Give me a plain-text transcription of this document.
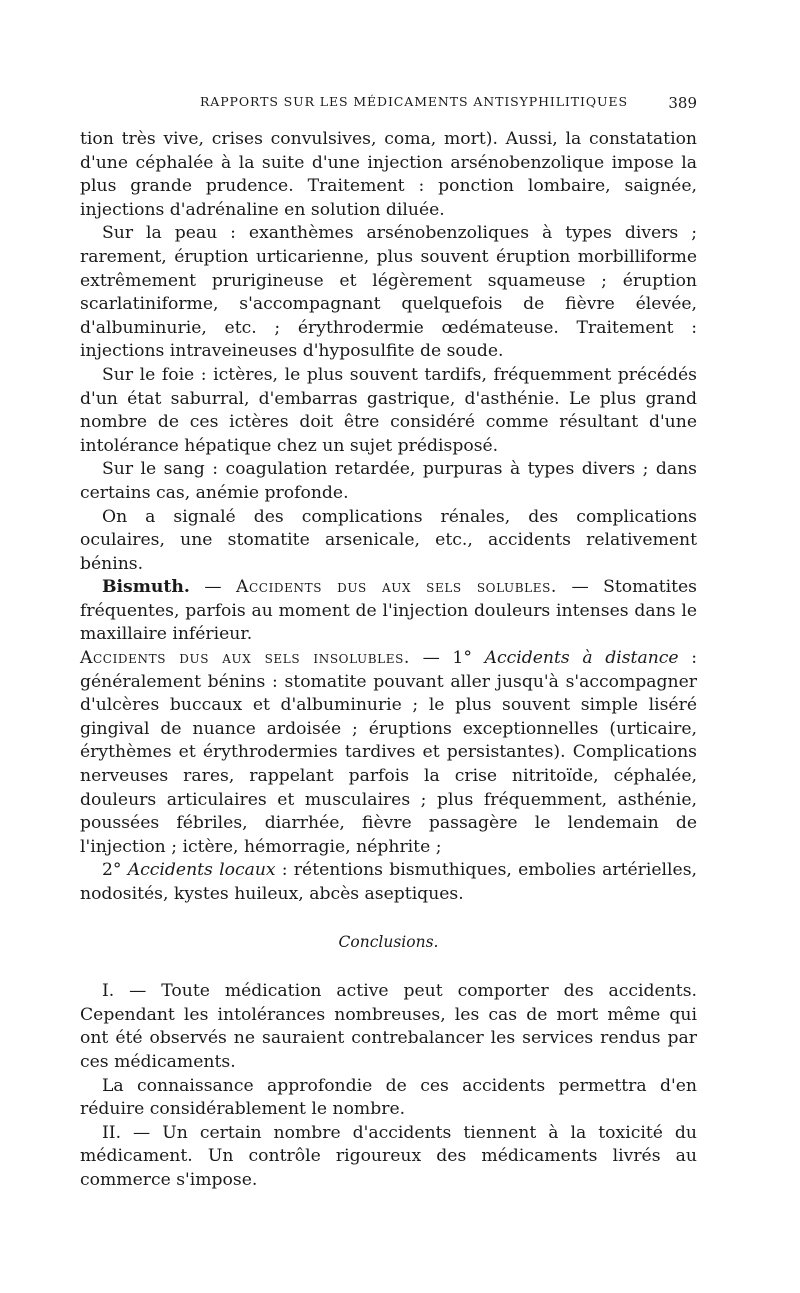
RAPPORTS SUR LES MÉDICAMENTS ANTISYPHILITIQUES	389

tion très vive, crises convulsives, coma, mort). Aussi, la constatation d'une céphalée à la suite d'une injection arsénobenzolique impose la plus grande prudence. Traitement : ponction lombaire, saignée, injections d'adrénaline en solution diluée.

Sur la peau : exanthèmes arsénobenzoliques à types divers ; rarement, éruption urticarienne, plus souvent éruption morbilliforme extrêmement prurigineuse et légèrement squameuse ; éruption scarlatiniforme, s'accompagnant quelquefois de fièvre élevée, d'albuminurie, etc. ; érythrodermie œdémateuse. Traitement : injections intraveineuses d'hyposulfite de soude.

Sur le foie : ictères, le plus souvent tardifs, fréquemment précédés d'un état saburral, d'embarras gastrique, d'asthénie. Le plus grand nombre de ces ictères doit être considéré comme résultant d'une intolérance hépatique chez un sujet prédisposé.

Sur le sang : coagulation retardée, purpuras à types divers ; dans certains cas, anémie profonde.

On a signalé des complications rénales, des complications oculaires, une stomatite arsenicale, etc., accidents relativement bénins.

Bismuth. — Accidents dus aux sels solubles. — Stomatites fréquentes, parfois au moment de l'injection douleurs intenses dans le maxillaire inférieur.

Accidents dus aux sels insolubles. — 1° Accidents à distance : généralement bénins : stomatite pouvant aller jusqu'à s'accompagner d'ulcères buccaux et d'albuminurie ; le plus souvent simple liséré gingival de nuance ardoisée ; éruptions exceptionnelles (urticaire, érythèmes et érythrodermies tardives et persistantes). Complications nerveuses rares, rappelant parfois la crise nitritoïde, céphalée, douleurs articulaires et musculaires ; plus fréquemment, asthénie, poussées fébriles, diarrhée, fièvre passagère le lendemain de l'injection ; ictère, hémorragie, néphrite ;

2° Accidents locaux : rétentions bismuthiques, embolies artérielles, nodosités, kystes huileux, abcès aseptiques.

Conclusions.

I. — Toute médication active peut comporter des accidents. Cependant les intolérances nombreuses, les cas de mort même qui ont été observés ne sauraient contrebalancer les services rendus par ces médicaments.

La connaissance approfondie de ces accidents permettra d'en réduire considérablement le nombre.

II. — Un certain nombre d'accidents tiennent à la toxicité du médicament. Un contrôle rigoureux des médicaments livrés au commerce s'impose.
